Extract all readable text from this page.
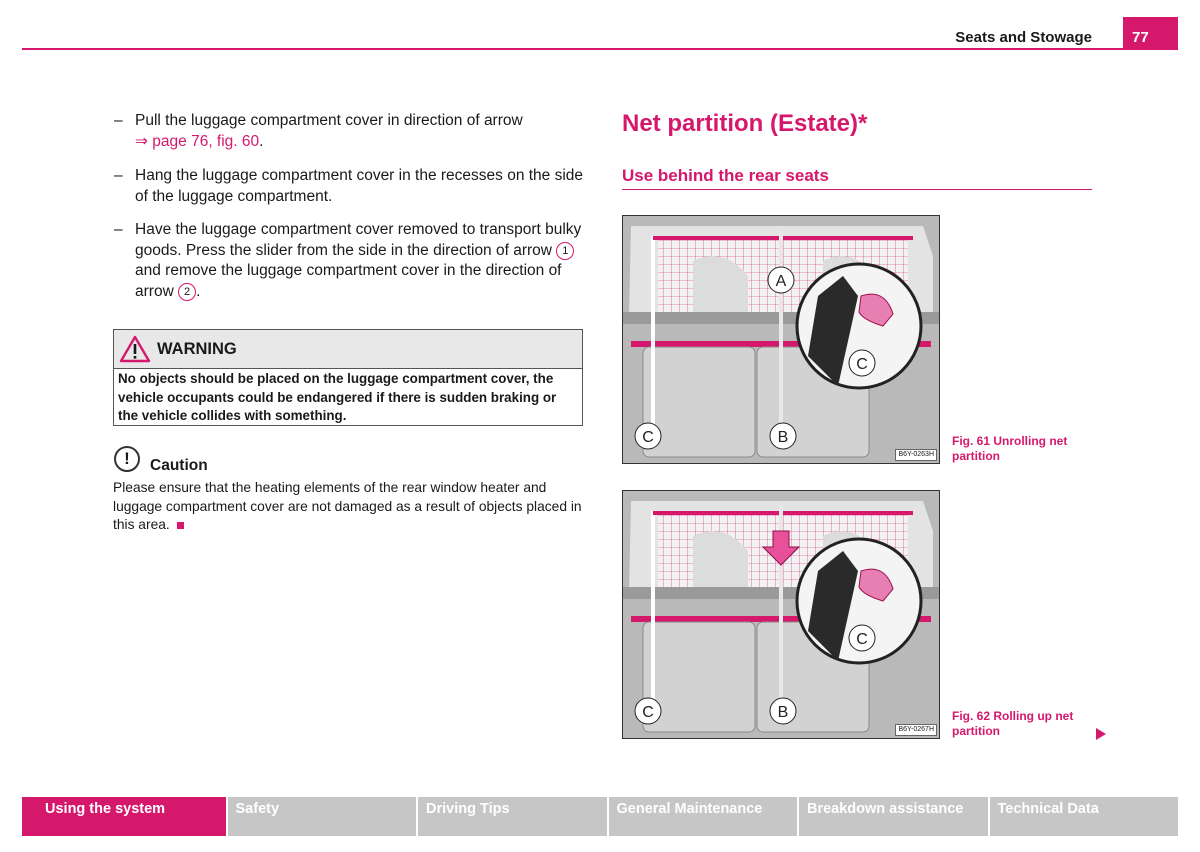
Seats and Stowage	77
– Pull the luggage compartment cover in direction of arrow
⇒ page 76, fig. 60.
– Hang the luggage compartment cover in the recesses on the side of the luggage compartment.
– Have the luggage compartment cover removed to transport bulky goods. Press the slider from the side in the direction of arrow 1 and remove the luggage compartment cover in the direction of arrow 2 .
WARNING
No objects should be placed on the luggage compartment cover, the vehicle occupants could be endangered if there is sudden braking or the vehicle collides with something.
!	Caution
Please ensure that the heating elements of the rear window heater and luggage compartment cover are not damaged as a result of objects placed in this area.
Net partition (Estate)*
Use behind the rear seats
A
C
C	B
B6Y-0263H
Fig. 61 Unrolling net partition
C
C	B
B6Y-0267H
Fig. 62 Rolling up net partition
Using the system	Safety	Driving Tips	General Maintenance	Breakdown assistance	Technical Data
